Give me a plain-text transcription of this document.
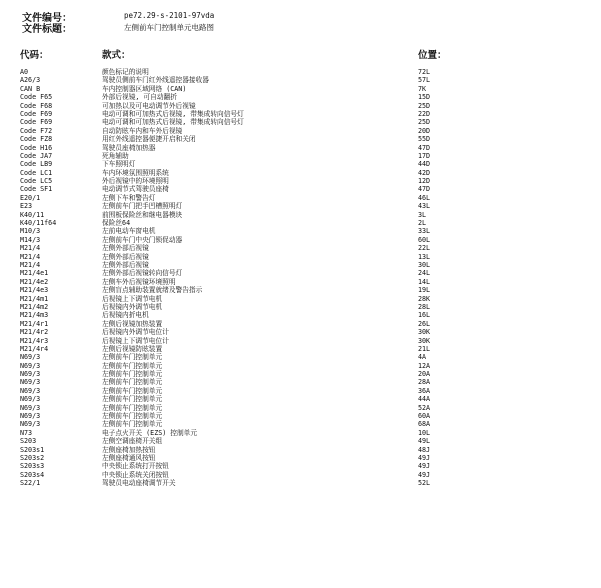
文件编号：	pe72.29-s-2101-97vda
文件标题：	左侧前车门控制单元电路图
代码：	款式：	位置：
A0	颜色标记的说明	72L
A26/3	驾驶员侧前车门红外线遥控器接收器	57L
CAN B	车内控制器区域网络 (CAN)	7K
Code F65	外部后视镜, 可自动翻折	15D
Code F68	可加热以及可电动调节外后视镜	25D
Code F69	电动可调和可加热式后视镜, 带集成转向信号灯	22D
Code F69	电动可调和可加热式后视镜, 带集成转向信号灯	25D
Code F72	自动防眩车内和车外后视镜	20D
Code FZ8	用红外线遥控器便捷开启和关闭	55D
Code H16	驾驶员座椅加热器	47D
Code JA7	死角辅助	17D
Code LB9	下车照明灯	44D
Code LC1	车内环境氛围照明系统	42D
Code LC5	外后视镜中的环境照明	12D
Code SF1	电动调节式驾驶员座椅	47D
E20/1	左侧下车和警告灯	46L
E23	左侧前车门把手凹槽照明灯	43L
K40/11	前围板保险丝和继电器模块	3L
K40/11f64	保险丝64	2L
M10/3	左前电动车窗电机	33L
M14/3	左侧前车门中央门锁促动器	60L
M21/4	左侧外部后视镜	22L
M21/4	左侧外部后视镜	13L
M21/4	左侧外部后视镜	30L
M21/4e1	左侧外部后视镜转向信号灯	24L
M21/4e2	左侧车外后视镜环境照明	14L
M21/4e3	左侧盲点辅助装置就绪及警告指示	19L
M21/4m1	后视镜上下调节电机	28K
M21/4m2	后视镜内外调节电机	28L
M21/4m3	后视镜内折电机	16L
M21/4r1	左侧后视镜加热装置	26L
M21/4r2	后视镜内外调节电位计	30K
M21/4r3	后视镜上下调节电位计	30K
M21/4r4	左侧后视镜防眩装置	21L
N69/3	左侧前车门控制单元	4A
N69/3	左侧前车门控制单元	12A
N69/3	左侧前车门控制单元	20A
N69/3	左侧前车门控制单元	28A
N69/3	左侧前车门控制单元	36A
N69/3	左侧前车门控制单元	44A
N69/3	左侧前车门控制单元	52A
N69/3	左侧前车门控制单元	60A
N69/3	左侧前车门控制单元	68A
N73	电子点火开关 (EZS) 控制单元	10L
S203	左侧空调座椅开关组	49L
S203s1	左侧座椅加热按钮	48J
S203s2	左侧座椅通风按钮	49J
S203s3	中央锁止系统打开按钮	49J
S203s4	中央锁止系统关闭按钮	49J
S22/1	驾驶员电动座椅调节开关	52L
